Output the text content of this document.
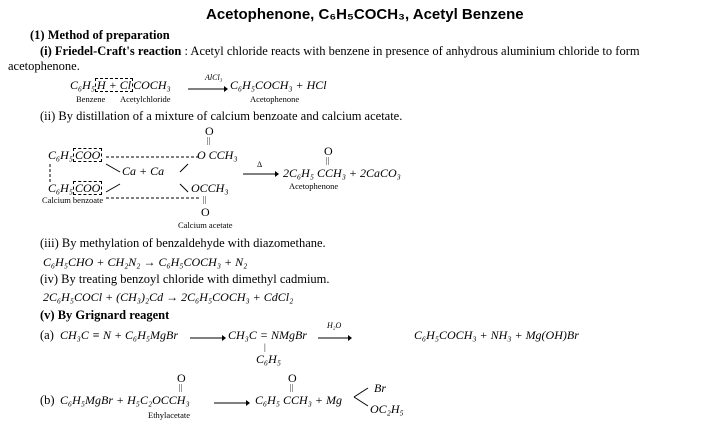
Acetophenone, C₆H₅COCH₃, Acetyl Benzene
(1) Method of preparation
(i) Friedel-Craft's reaction : Acetyl chloride reacts with benzene in presence of anhydrous aluminium chloride to form
acetophenone.
C₆H₅ H + Cl COCH₃
AlCl₃
C₆H₅COCH₃ + HCl
Benzene Acetylchloride	Acetophenone
(ii) By distillation of a mixture of calcium benzoate and calcium acetate.
O
||
C₆H₅ COO	O CCH₃
Ca + Ca
C₆H₅ COO	OCCH₃
Calcium benzoate	||
O
Calcium acetate
Δ
O
||
2C₆H₅ CCH₃ + 2CaCO₃
Acetophenone
(iii) By methylation of benzaldehyde with diazomethane.
C₆H₅CHO + CH₂N₂ → C₆H₅COCH₃ + N₂
(iv) By treating benzoyl chloride with dimethyl cadmium.
2C₆H₅COCl + (CH₃)₂Cd → 2C₆H₅COCH₃ + CdCl₂
(v) By Grignard reagent
(a) CH₃C ≡ N + C₆H₅MgBr	CH₃C = NMgBr
H₂O
|
C₆H₅
C₆H₅COCH₃ + NH₃ + Mg(OH)Br
O
||
(b) C₆H₅MgBr + H₅C₂OCCH₃
Ethylacetate
O
||
C₆H₅ CCH₃ + Mg
Br
OC₂H₅
